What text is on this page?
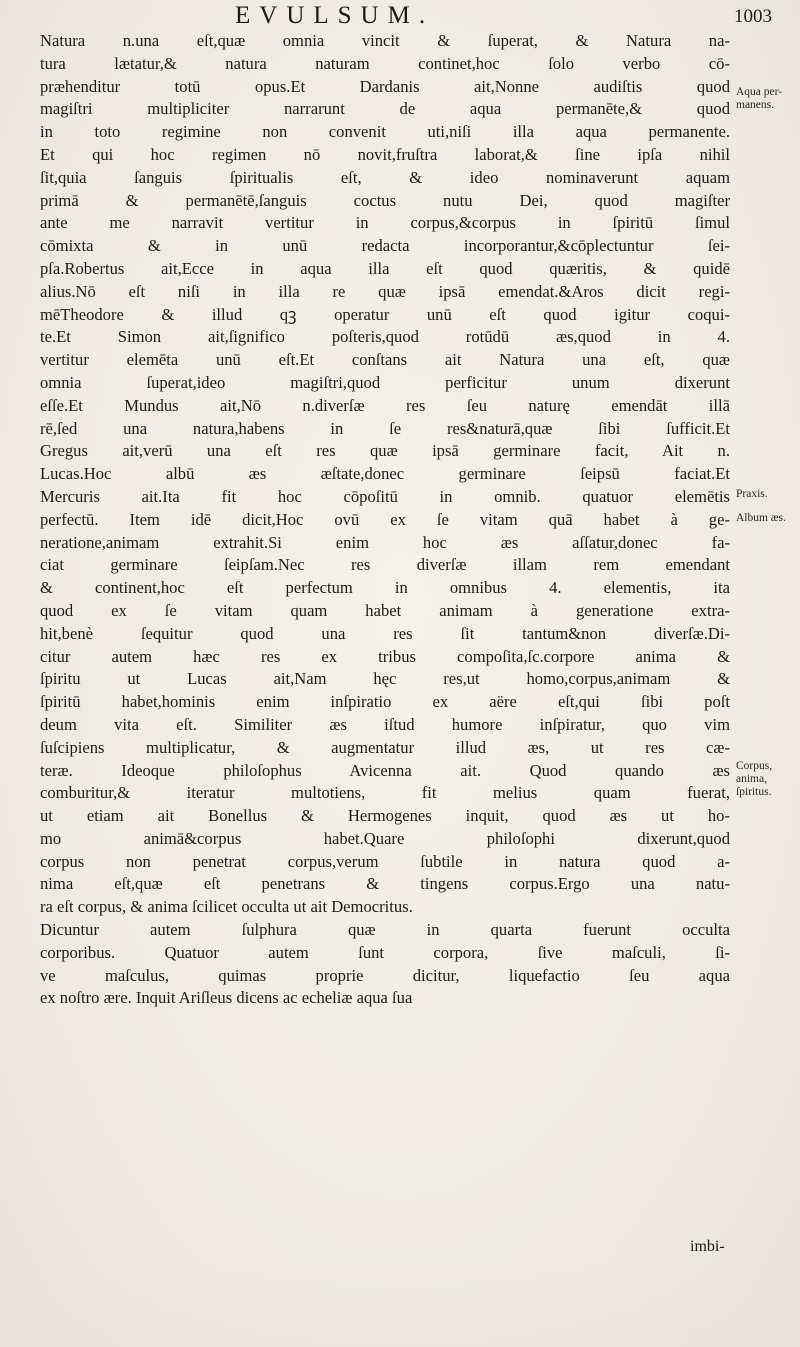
EVULSUM.	1003
Natura n.una eſt,quæ omnia vincit & ſuperat, & Natura na-
tura lætatur,& natura naturam continet,hoc ſolo verbo cō-
præhenditur totū opus.Et Dardanis ait,Nonne audiſtis quod
magiſtri multipliciter narrarunt de aqua permanēte,& quod
in toto regimine non convenit uti,niſi illa aqua permanente.
Et qui hoc regimen nō novit,fruſtra laborat,& ſine ipſa nihil
ſit,quia ſanguis ſpiritualis eſt, & ideo nominaverunt aquam
primā & permanētē,ſanguis coctus nutu Dei, quod magiſter
ante me narravit vertitur in corpus,&corpus in ſpiritū ſimul
cōmixta & in unū redacta incorporantur,&cōplectuntur ſei-
pſa.Robertus ait,Ecce in aqua illa eſt quod quæritis, & quidē
alius.Nō eſt niſi in illa re quæ ipsā emendat.&Aros dicit regi-
mēTheodore & illud qꝫ operatur unū eſt quod igitur coqui-
te.Et Simon ait,ſignifico poſteris,quod rotūdū æs,quod in 4.
vertitur elemēta unū eſt.Et conſtans ait Natura una eſt, quæ
omnia ſuperat,ideo magiſtri,quod perficitur unum dixerunt
eſſe.Et Mundus ait,Nō n.diverſæ res ſeu naturę emendāt illā
rē,ſed una natura,habens in ſe res&naturā,quæ ſibi ſufficit.Et
Gregus ait,verū una eſt res quæ ipsā germinare facit, Ait n.
Lucas.Hoc albū æs æſtate,donec germinare ſeipsū faciat.Et
Mercuris ait.Ita fit hoc cōpoſitū in omnib. quatuor elemētis
perfectū. Item idē dicit,Hoc ovū ex ſe vitam quā habet à ge-
neratione,animam extrahit.Si enim hoc æs aſſatur,donec fa-
ciat germinare ſeipſam.Nec res diverſæ illam rem emendant
& continent,hoc eſt perfectum in omnibus 4. elementis, ita
quod ex ſe vitam quam habet animam à generatione extra-
hit,benè ſequitur quod una res ſit tantum&non diverſæ.Di-
citur autem hæc res ex tribus compoſita,ſc.corpore anima &
ſpiritu ut Lucas ait,Nam hęc res,ut homo,corpus,animam &
ſpiritū habet,hominis enim inſpiratio ex aëre eſt,qui ſibi poſt
deum vita eſt. Similiter æs iſtud humore inſpiratur, quo vim
ſuſcipiens multiplicatur, & augmentatur illud æs, ut res cæ-
teræ. Ideoque philoſophus Avicenna ait. Quod quando æs
comburitur,& iteratur multotiens, fit melius quam fuerat,
ut etiam ait Bonellus & Hermogenes inquit, quod æs ut ho-
mo animā&corpus habet.Quare philoſophi dixerunt,quod
corpus non penetrat corpus,verum ſubtile in natura quod a-
nima eſt,quæ eſt penetrans & tingens corpus.Ergo una natu-
ra eſt corpus, & anima ſcilicet occulta ut ait Democritus.
Dicuntur autem ſulphura quæ in quarta fuerunt occulta
corporibus. Quatuor autem ſunt corpora, ſive maſculi, ſi-
ve maſculus, quimas proprie dicitur, liquefactio ſeu aqua
ex noſtro ære. Inquit Ariſleus dicens ac echeliæ aqua ſua
Aqua per-
manens.
Praxis.
Album æs.
Corpus,
anima,
ſpiritus.
imbi-
